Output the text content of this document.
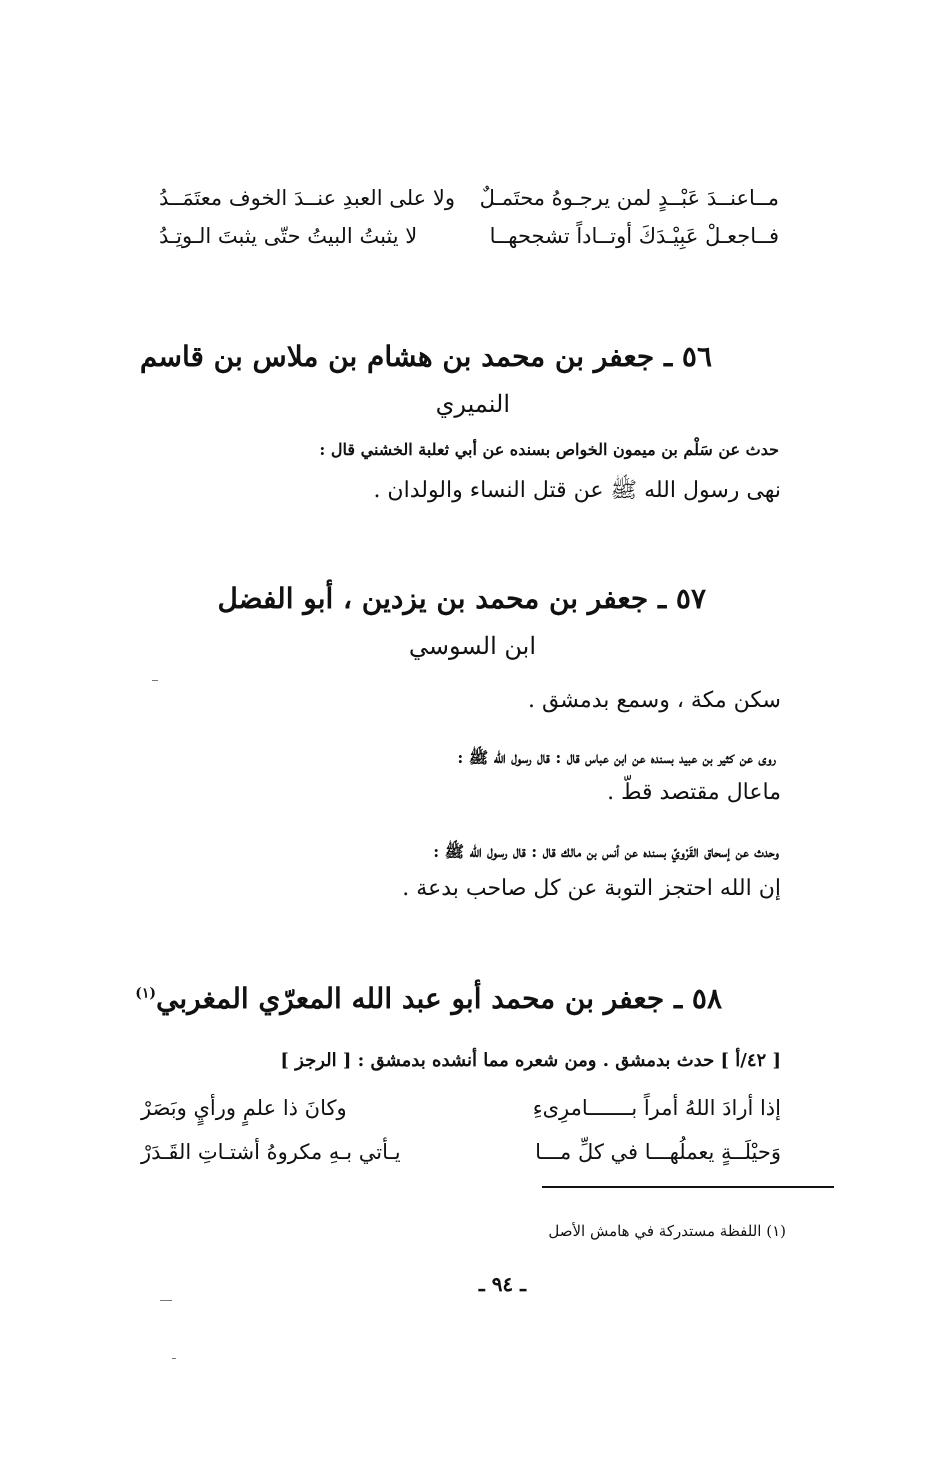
مــاعنــدَ عَبْــدٍ لمن يرجـوهُ محتَمـلٌ
ولا على العبدِ عنــدَ الخوف معتَمَــدُ
فــاجعـلْ عَبِيْـدَكَ أوتــاداً تشجحهــا
لا يثبتُ البيتُ حتّى يثبتَ الـوتِـدُ
٥٦ ـ جعفر بن محمد بن هشام بن ملاس بن قاسم
النميري
حدث عن سَلْم بن ميمون الخواص بسنده عن أبي ثعلبة الخشني قال :
نهى رسول الله ﷺ عن قتل النساء والولدان .
٥٧ ـ جعفر بن محمد بن يزدين ، أبو الفضل
ابن السوسي
سكن مكة ، وسمع بدمشق .
روى عن كثير بن عبيد بسنده عن ابن عباس قال : قال رسول الله ﷺ :
ماعال مقتصد قطّ .
وحدث عن إسحاق القَرْويّ بسنده عن أنس بن مالك قال : قال رسول الله ﷺ :
إن الله احتجز التوبة عن كل صاحب بدعة .
٥٨ ـ جعفر بن محمد أبو عبد الله المعرّي المغربي$^{(١)}$
[ ٤٢/أ ] حدث بدمشق . ومن شعره مما أنشده بدمشق : [ الرجز ]
إذا أرادَ اللهُ أمراً بـــــــامرِىءِ
وكانَ ذا علمٍ ورأيٍ وبَصَرْ
وَحيْلَــةٍ يعملُهـــا في كلِّ مـــا
يـأتي بـهِ مكروهُ أشتـاتِ القَـدَرْ
(١) اللفظة مستدركة في هامش الأصل
ـ ٩٤ ـ
